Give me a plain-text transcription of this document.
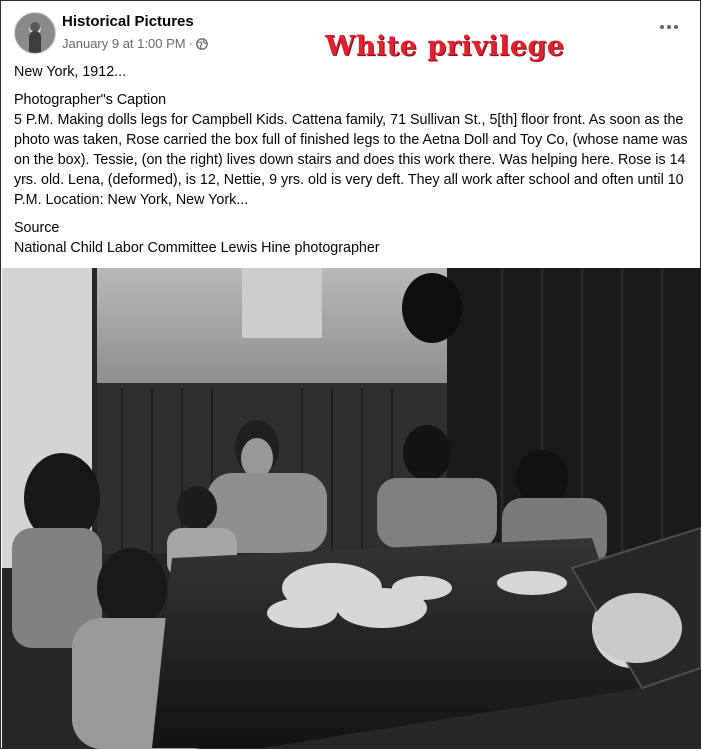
Historical Pictures
January 9 at 1:00 PM ·	White privilege

New York, 1912...

Photographer"s Caption

5 P.M. Making dolls legs for Campbell Kids. Cattena family, 71 Sullivan St., 5[th] floor front. As soon as the photo was taken, Rose carried the box full of finished legs to the Aetna Doll and Toy Co, (whose name was on the box). Tessie, (on the right) lives down stairs and does this work there. Was helping here. Rose is 14 yrs. old. Lena, (deformed), is 12, Nettie, 9 yrs. old is very deft. They all work after school and often until 10 P.M. Location: New York, New York...

Source

National Child Labor Committee Lewis Hine photographer
